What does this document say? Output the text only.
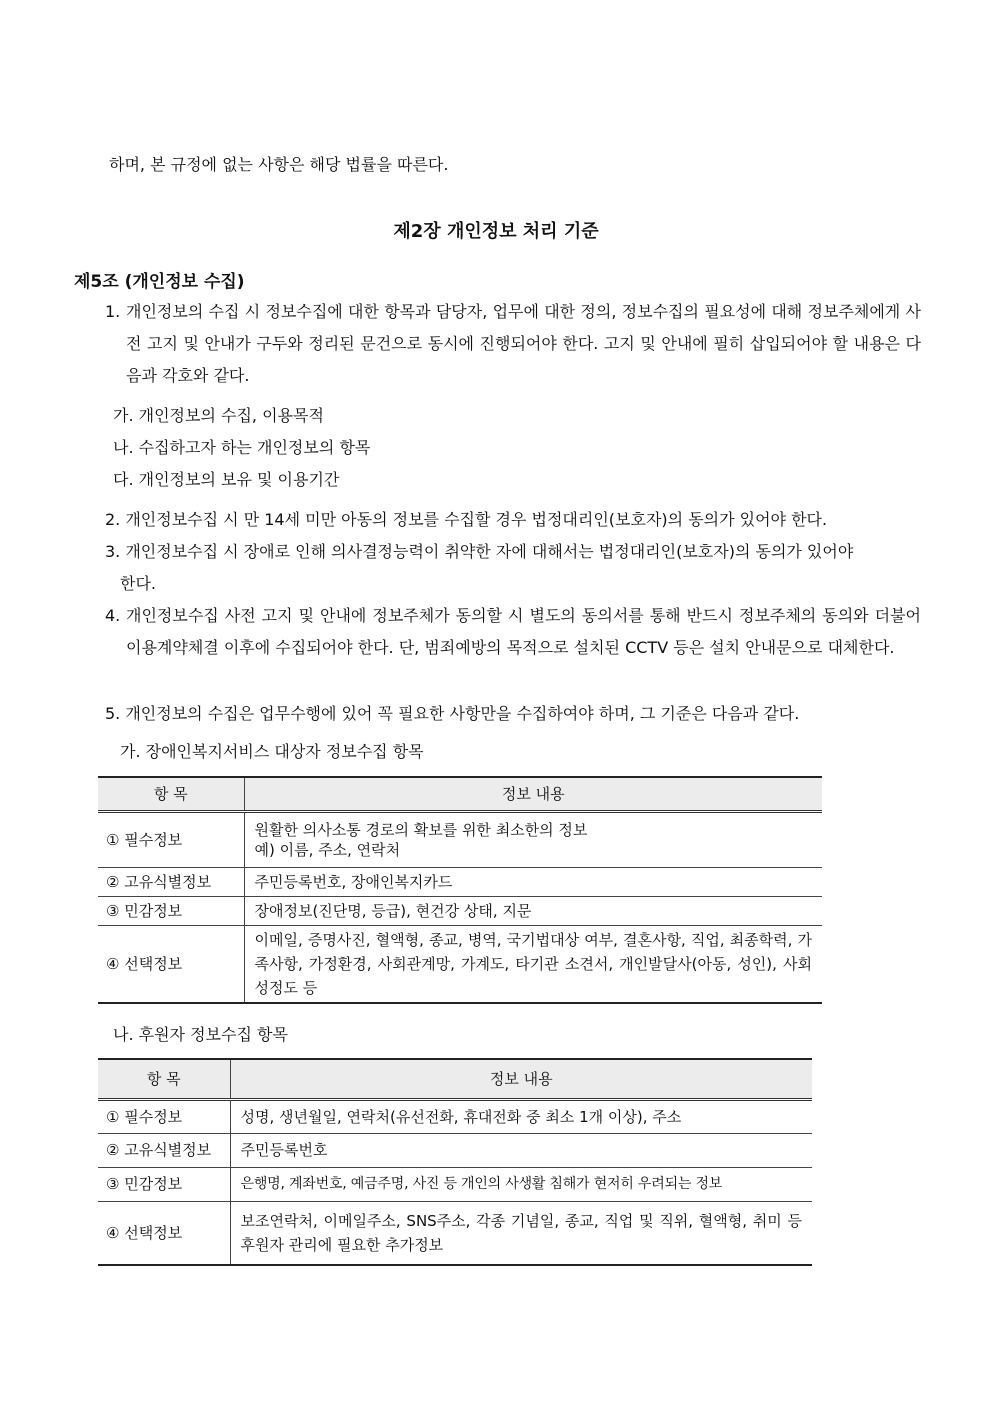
하며, 본 규정에 없는 사항은 해당 법률을 따른다.
제2장 개인정보 처리 기준
제5조 (개인정보 수집)
1. 개인정보의 수집 시 정보수집에 대한 항목과 담당자, 업무에 대한 정의, 정보수집의 필요성에 대해 정보주체에게 사전 고지 및 안내가 구두와 정리된 문건으로 동시에 진행되어야 한다. 고지 및 안내에 필히 삽입되어야 할 내용은 다음과 각호와 같다.
가. 개인정보의 수집, 이용목적
나. 수집하고자 하는 개인정보의 항목
다. 개인정보의 보유 및 이용기간
2. 개인정보수집 시 만 14세 미만 아동의 정보를 수집할 경우 법정대리인(보호자)의 동의가 있어야 한다.
3. 개인정보수집 시 장애로 인해 의사결정능력이 취약한 자에 대해서는 법정대리인(보호자)의 동의가 있어야
한다.
4. 개인정보수집 사전 고지 및 안내에 정보주체가 동의할 시 별도의 동의서를 통해 반드시 정보주체의 동의와 더불어 이용계약체결 이후에 수집되어야 한다. 단, 범죄예방의 목적으로 설치된 CCTV 등은 설치 안내문으로 대체한다.
5. 개인정보의 수집은 업무수행에 있어 꼭 필요한 사항만을 수집하여야 하며, 그 기준은 다음과 같다.
가. 장애인복지서비스 대상자 정보수집 항목
항 목	정보 내용
① 필수정보	원활한 의사소통 경로의 확보를 위한 최소한의 정보
예) 이름, 주소, 연락처

② 고유식별정보	주민등록번호, 장애인복지카드
③ 민감정보	장애정보(진단명, 등급), 현건강 상태, 지문
④ 선택정보	이메일, 증명사진, 혈액형, 종교, 병역, 국기법대상 여부, 결혼사항, 직업, 최종학력, 가족사항, 가정환경, 사회관계망, 가계도, 타기관 소견서, 개인발달사(아동, 성인), 사회성정도 등
나. 후원자 정보수집 항목
항 목	정보 내용
① 필수정보	성명, 생년월일, 연락처(유선전화, 휴대전화 중 최소 1개 이상), 주소
② 고유식별정보	주민등록번호
③ 민감정보	은행명, 계좌번호, 예금주명, 사진 등 개인의 사생활 침해가 현저히 우려되는 정보
④ 선택정보	보조연락처, 이메일주소, SNS주소, 각종 기념일, 종교, 직업 및 직위, 혈액형, 취미 등 후원자 관리에 필요한 추가정보
